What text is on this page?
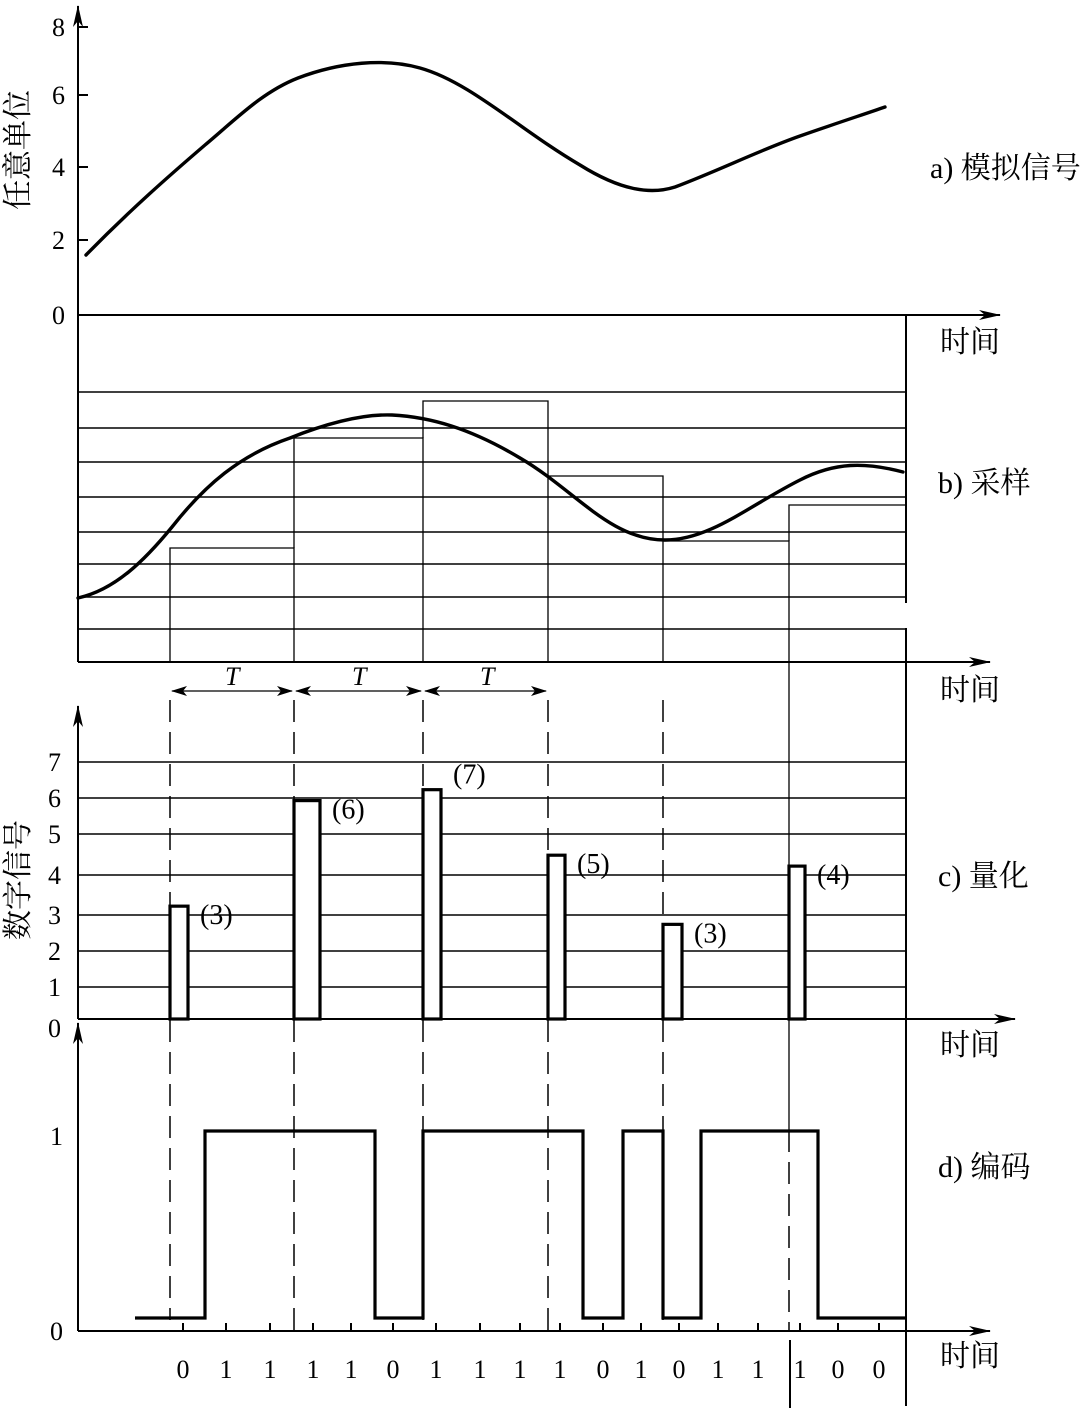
0
2
4
6
8
任意单位
时间
a) 模拟信号
T	T	T	时间
b) 采样
0
1
2
3
4
5
6
7
数字信号	(3)
(6)
(7)
(5)
(3)
(4)
时间
c) 量化
0
1
0 1 1 1 1 0 1 1 1 1 0 1 0 1 1 1 0 0 时间
d) 编码
